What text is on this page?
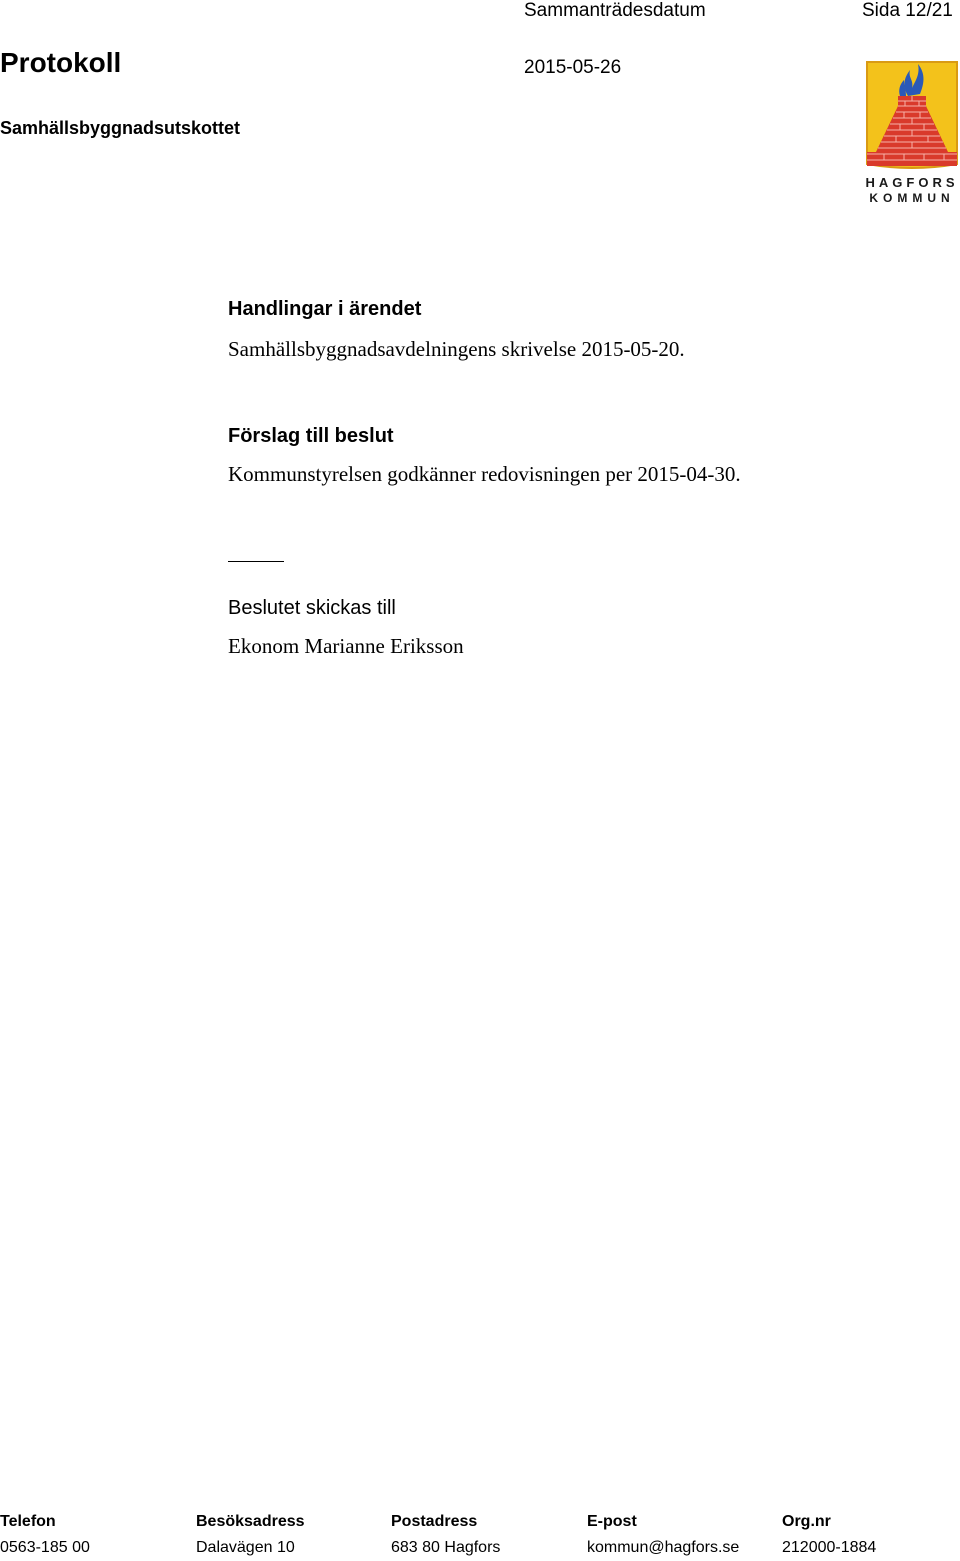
Sammanträdesdatum	Sida 12/21
Protokoll	2015-05-26
Samhällsbyggnadsutskottet
HAGFORS
KOMMUN
Handlingar i ärendet
Samhällsbyggnadsavdelningens skrivelse 2015-05-20.
Förslag till beslut
Kommunstyrelsen godkänner redovisningen per 2015-04-30.
Beslutet skickas till
Ekonom Marianne Eriksson
Telefon
0563-185 00
Besöksadress
Dalavägen 10
Postadress
683 80 Hagfors
E-post
kommun@hagfors.se
Org.nr
212000-1884
